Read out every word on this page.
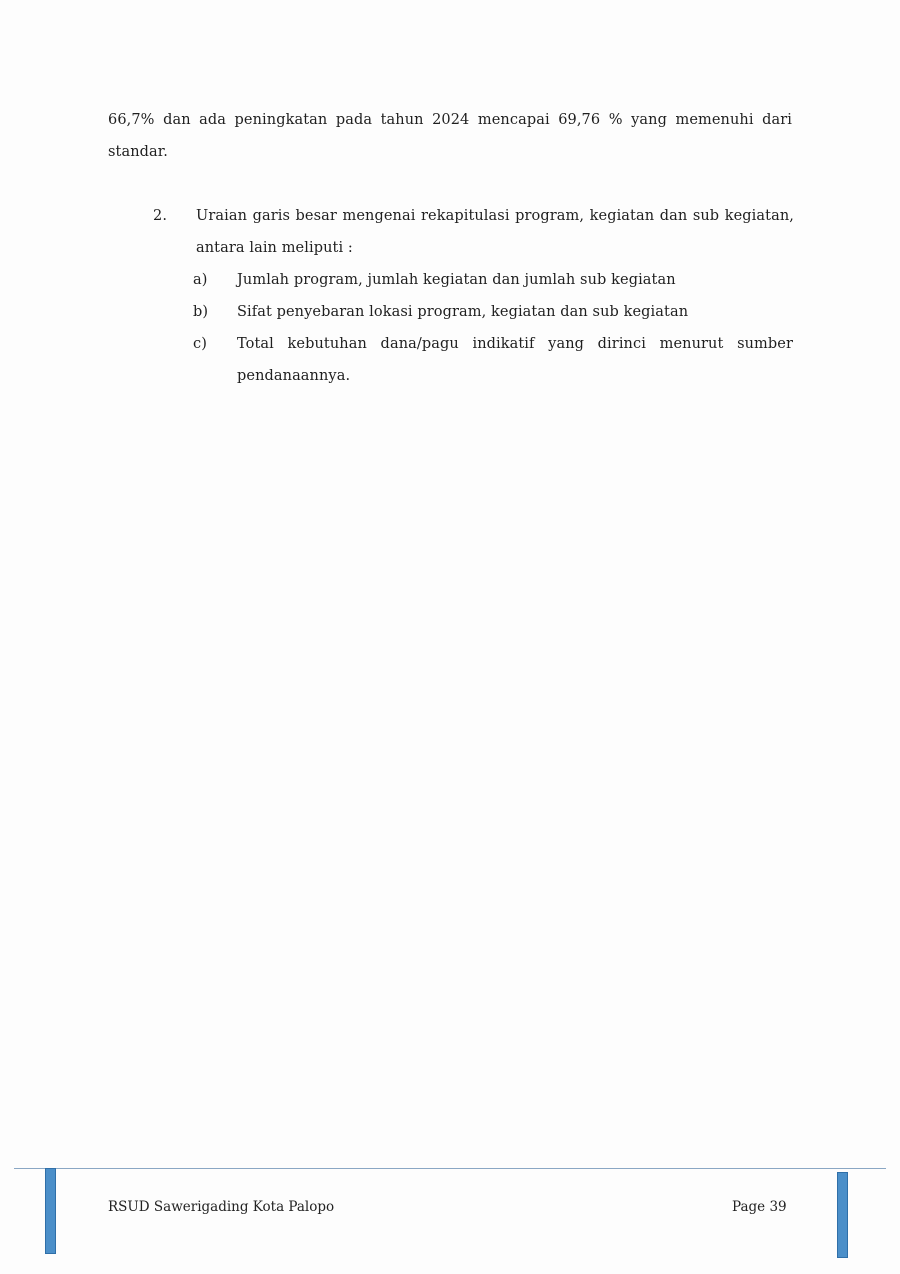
66,7% dan ada peningkatan pada tahun 2024 mencapai 69,76 % yang memenuhi dari
standar.
2. Uraian garis besar mengenai rekapitulasi program, kegiatan dan sub kegiatan,
antara lain meliputi :
a) Jumlah program, jumlah kegiatan dan jumlah sub kegiatan
b) Sifat penyebaran lokasi program, kegiatan dan sub kegiatan
c) Total kebutuhan dana/pagu indikatif yang dirinci menurut sumber
pendanaannya.
RSUD Sawerigading Kota Palopo	Page 39
